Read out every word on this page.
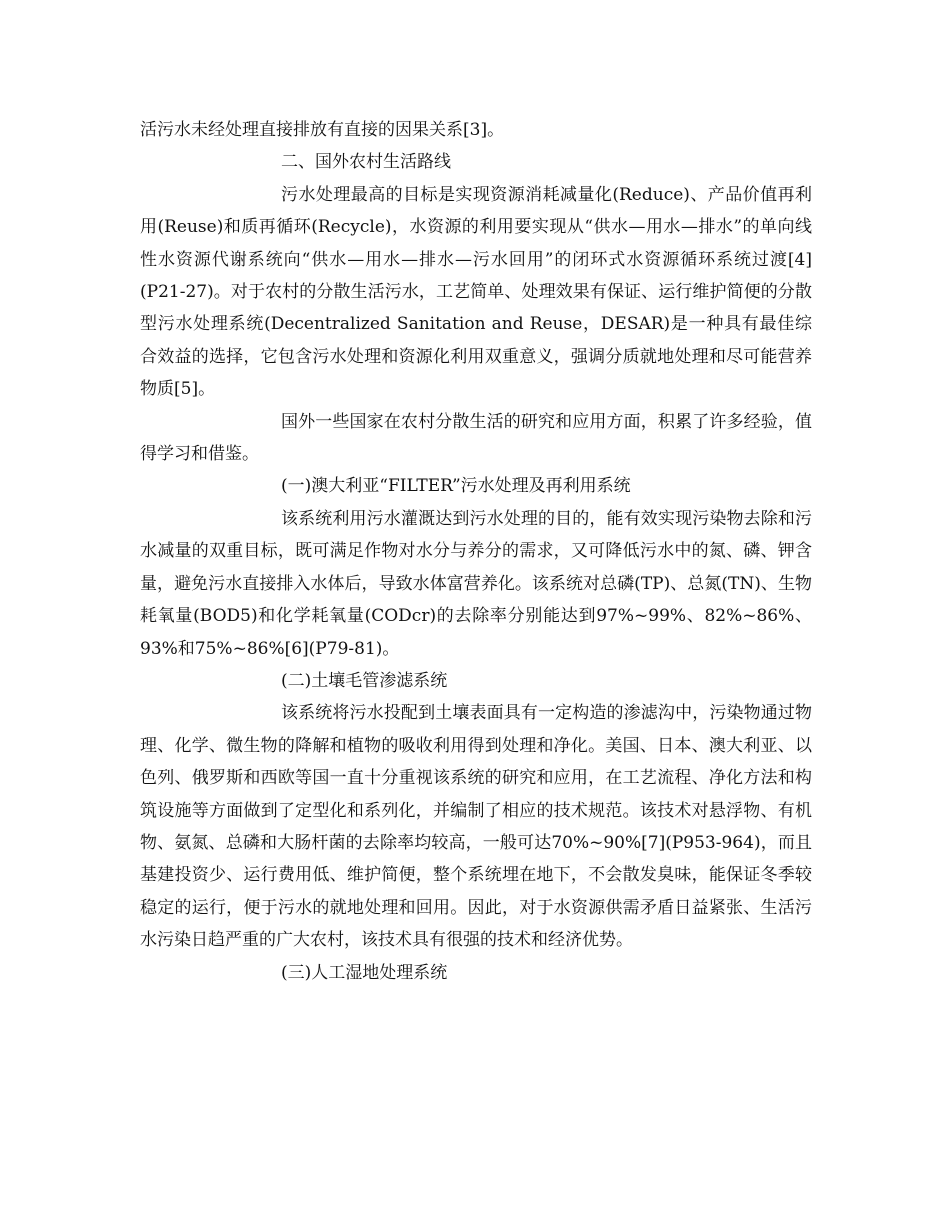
活污水未经处理直接排放有直接的因果关系[3]。

二、国外农村生活路线

污水处理最高的目标是实现资源消耗减量化(Reduce)、产品价值再利用(Reuse)和质再循环(Recycle)，水资源的利用要实现从“供水—用水—排水”的单向线性水资源代谢系统向“供水—用水—排水—污水回用”的闭环式水资源循环系统过渡[4](P21-27)。对于农村的分散生活污水，工艺简单、处理效果有保证、运行维护简便的分散型污水处理系统(Decentralized Sanitation and Reuse，DESAR)是一种具有最佳综合效益的选择，它包含污水处理和资源化利用双重意义，强调分质就地处理和尽可能营养物质[5]。

国外一些国家在农村分散生活的研究和应用方面，积累了许多经验，值得学习和借鉴。

(一)澳大利亚“FILTER”污水处理及再利用系统

该系统利用污水灌溉达到污水处理的目的，能有效实现污染物去除和污水减量的双重目标，既可满足作物对水分与养分的需求，又可降低污水中的氮、磷、钾含量，避免污水直接排入水体后，导致水体富营养化。该系统对总磷(TP)、总氮(TN)、生物耗氧量(BOD5)和化学耗氧量(CODcr)的去除率分别能达到97%~99%、82%~86%、93%和75%~86%[6](P79-81)。

(二)土壤毛管渗滤系统

该系统将污水投配到土壤表面具有一定构造的渗滤沟中，污染物通过物理、化学、微生物的降解和植物的吸收利用得到处理和净化。美国、日本、澳大利亚、以色列、俄罗斯和西欧等国一直十分重视该系统的研究和应用，在工艺流程、净化方法和构筑设施等方面做到了定型化和系列化，并编制了相应的技术规范。该技术对悬浮物、有机物、氨氮、总磷和大肠杆菌的去除率均较高，一般可达70%~90%[7](P953-964)，而且基建投资少、运行费用低、维护简便，整个系统埋在地下，不会散发臭味，能保证冬季较稳定的运行，便于污水的就地处理和回用。因此，对于水资源供需矛盾日益紧张、生活污水污染日趋严重的广大农村，该技术具有很强的技术和经济优势。

(三)人工湿地处理系统
